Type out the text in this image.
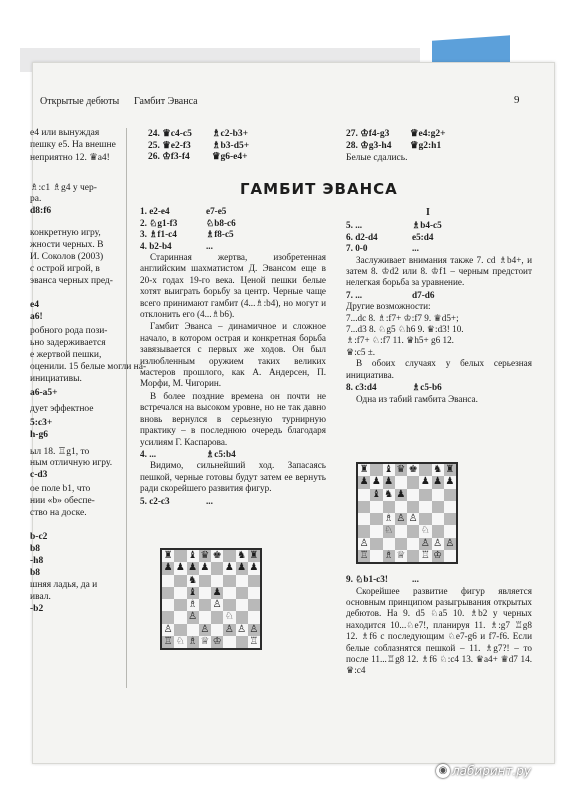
Открытые дебюты Гамбит Эванса	9
е4 или вынуждая
пешку е5. На внешне
неприятно 12. ♛а4!
♗:с1 ♗g4 у чер-
ра.
d8:f6
конкретную игру,
жности черных. В
И. Соколов (2003)
с острой игрой, в
эванса черных пред-
е4
а6!
робного рода пози-
ьно задерживается
е жертвой пешки,
оценили. 15 белые могли на-
инициативы.
а6-а5+
дует эффектное
5:с3+
h-g6
ыл 18. ♖g1, то
ным отличную игру.
с-d3
ое поле b1, что
нии «b» обеспе-
ство на доске.
b-c2
b8
-h8
b8
шняя ладья, да и
ивал.
-b2
24. ♛с4-с5	♗с2-b3+
25. ♛е2-f3	♗b3-d5+
26. ♔f3-f4	♛g6-e4+
27. ♔f4-g3	♛e4:g2+
28. ♔g3-h4	♛g2:h1
Белые сдались.
ГАМБИТ ЭВАНСА
I
1. е2-е4	е7-е5
2. ♘g1-f3	♘b8-с6
3. ♗f1-с4	♗f8-с5
4. b2-b4	...

Старинная жертва, изобретенная английским шахматистом Д. Эвансом еще в 20-х годах 19-го века. Ценой пешки белые хотят выиграть борьбу за центр. Черные чаще всего принимают гамбит (4...♗:b4), но могут и отклонить его (4...♗b6).

Гамбит Эванса – динамичное и сложное начало, в котором острая и конкретная борьба завязывается с первых же ходов. Он был излюбленным оружием таких великих мастеров прошлого, как А. Андерсен, П. Морфи, М. Чигорин.

В более поздние времена он почти не встречался на высоком уровне, но не так давно вновь вернулся в серьезную турнирную практику – в последнюю очередь благодаря усилиям Г. Каспарова.

4. ...	♗с5:b4

Видимо, сильнейший ход. Запасаясь пешкой, черные готовы будут затем ее вернуть ради скорейшего развития фигур.

5. с2-с3	...
♜ ♝ ♛ ♚ ♞ ♜
♟ ♟ ♟ ♟ ♟ ♟ ♟
♞
♝ ♟
♗ ♙
♙	♘
♙	♙ ♙ ♙ ♙
♖ ♘ ♗ ♕ ♔	♖
5. ...	♗b4-с5
6. d2-d4	e5:d4
7. 0-0	...

Заслуживает внимания также 7. cd ♗b4+, и затем 8. ♔d2 или 8. ♔f1 – черным предстоит нелегкая борьба за уравнение.

7. ...	d7-d6
Другие возможности:
7...dc 8. ♗:f7+ ♔:f7 9. ♛d5+;
7...d3 8. ♘g5 ♘h6 9. ♛:d3! 10.
♗:f7+ ♘:f7 11. ♛h5+ g6 12.
♛:с5 ±.

В обоих случаях у белых серьезная инициатива.

8. с3:d4	♗с5-b6

Одна из табий гамбита Эванса.

♜ ♝ ♛ ♚ ♞ ♜
♟ ♟ ♟	♟ ♟ ♟
♝ ♞ ♟
♗ ♙ ♙
♘	♘
♙	♙ ♙ ♙
♖ ♗ ♕ ♖ ♔
9. ♘b1-с3!	...

Скорейшее развитие фигур является основным принципом разыгрывания открытых дебютов. На 9. d5 ♘а5 10. ♗b2 у черных находится 10...♘е7!, планируя 11. ♗:g7 ♖g8 12. ♗f6 с последующим ♘е7-g6 и f7-f6. Если белые соблазнятся пешкой – 11. ♗g7?! – то после 11...♖g8 12. ♗f6 ♘:с4 13. ♛а4+ ♛d7 14. ♛:с4

◉ лабиринт.ру
